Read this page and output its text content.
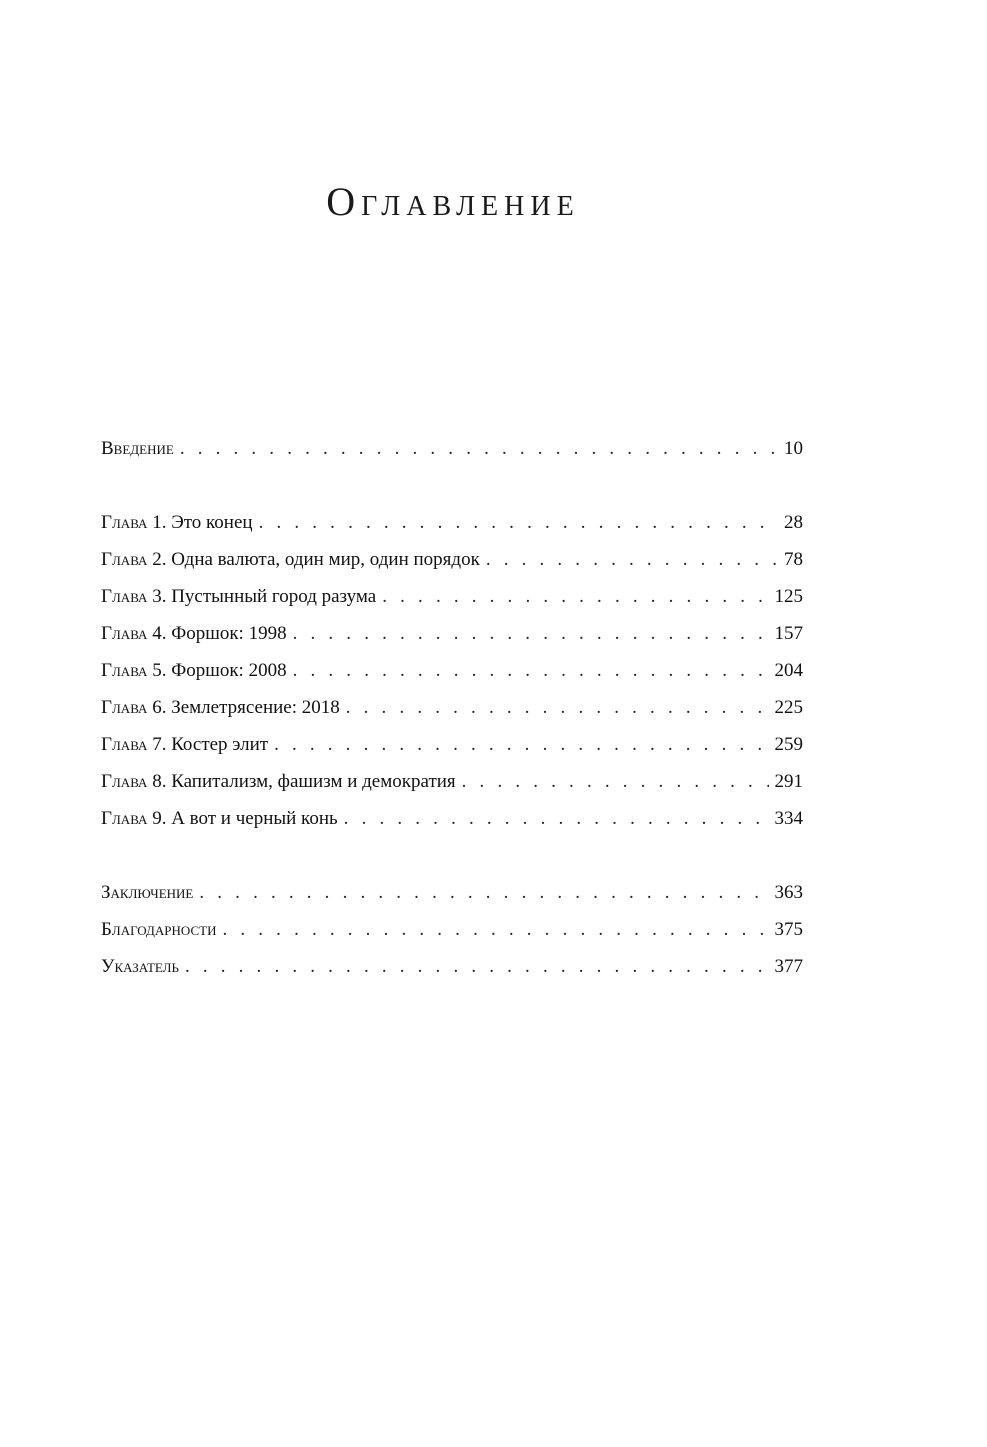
Оглавление
Введение . . .	10
Глава 1. Это конец . . .	28
Глава 2. Одна валюта, один мир, один порядок . . .	78
Глава 3. Пустынный город разума . . .	125
Глава 4. Форшок: 1998 . . .	157
Глава 5. Форшок: 2008 . . .	204
Глава 6. Землетрясение: 2018 . . .	225
Глава 7. Костер элит . . .	259
Глава 8. Капитализм, фашизм и демократия . . .	291
Глава 9. А вот и черный конь . . .	334
Заключение . . .	363
Благодарности . . .	375
Указатель . . .	377
